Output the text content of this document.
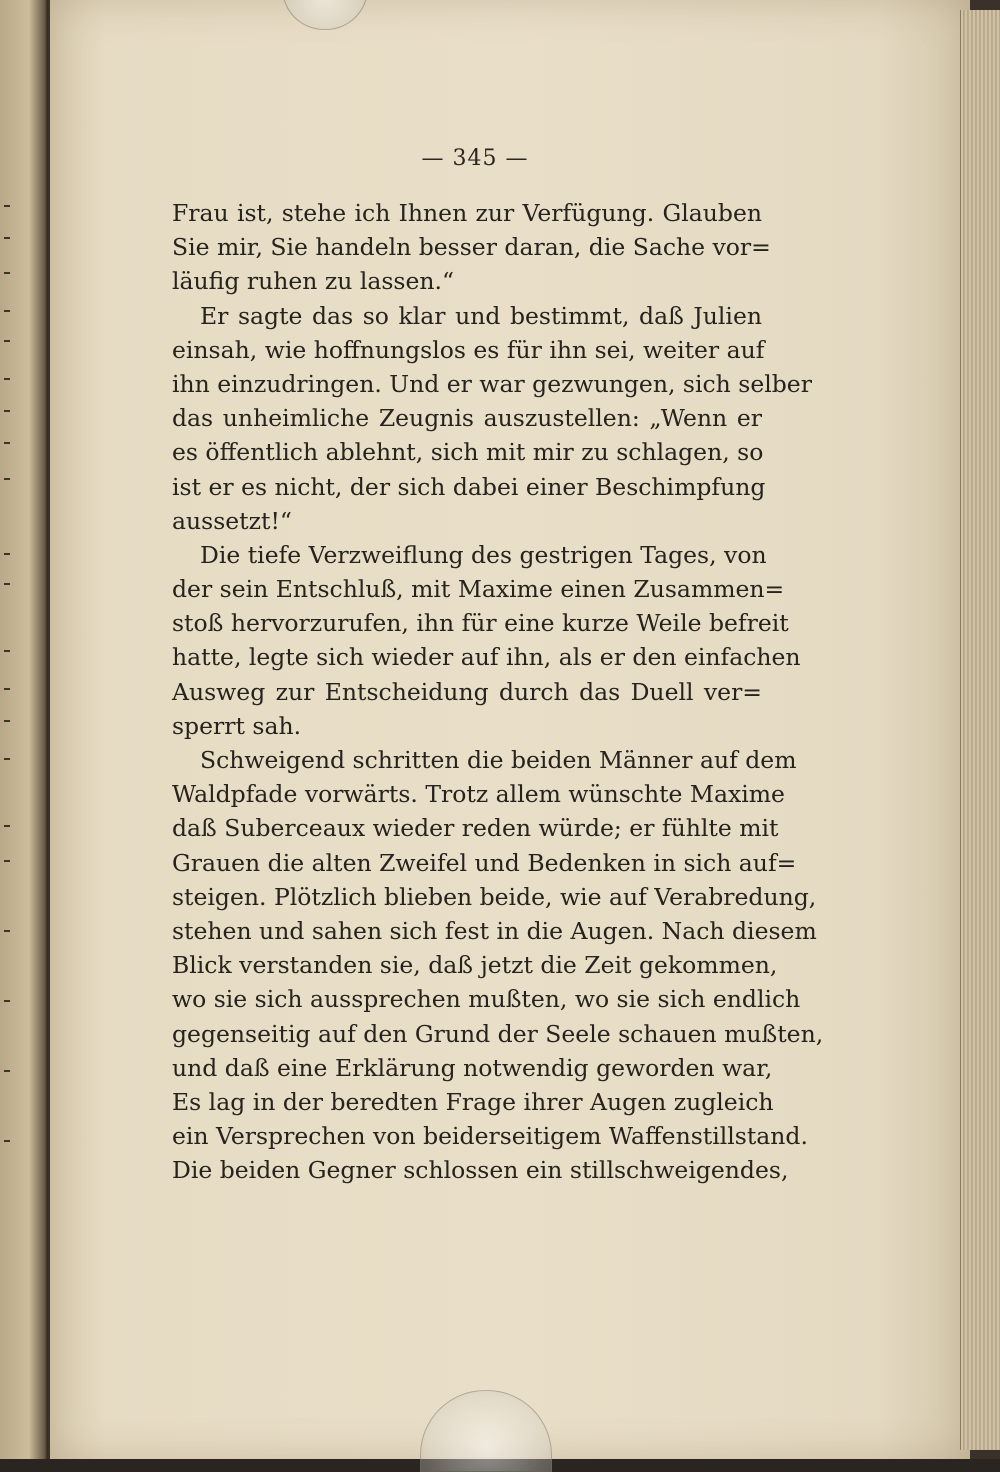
— 345 —
Frau ist, stehe ich Ihnen zur Verfügung. Glauben
Sie mir, Sie handeln besser daran, die Sache vor=
läufig ruhen zu lassen.“
Er sagte das so klar und bestimmt, daß Julien
einsah, wie hoffnungslos es für ihn sei, weiter auf
ihn einzudringen. Und er war gezwungen, sich selber
das unheimliche Zeugnis auszustellen: „Wenn er
es öffentlich ablehnt, sich mit mir zu schlagen, so
ist er es nicht, der sich dabei einer Beschimpfung
aussetzt!“
Die tiefe Verzweiflung des gestrigen Tages, von
der sein Entschluß, mit Maxime einen Zusammen=
stoß hervorzurufen, ihn für eine kurze Weile befreit
hatte, legte sich wieder auf ihn, als er den einfachen
Ausweg zur Entscheidung durch das Duell ver=
sperrt sah.
Schweigend schritten die beiden Männer auf dem
Waldpfade vorwärts. Trotz allem wünschte Maxime
daß Suberceaux wieder reden würde; er fühlte mit
Grauen die alten Zweifel und Bedenken in sich auf=
steigen. Plötzlich blieben beide, wie auf Verabredung,
stehen und sahen sich fest in die Augen. Nach diesem
Blick verstanden sie, daß jetzt die Zeit gekommen,
wo sie sich aussprechen mußten, wo sie sich endlich
gegenseitig auf den Grund der Seele schauen mußten,
und daß eine Erklärung notwendig geworden war,
Es lag in der beredten Frage ihrer Augen zugleich
ein Versprechen von beiderseitigem Waffenstillstand.
Die beiden Gegner schlossen ein stillschweigendes,
